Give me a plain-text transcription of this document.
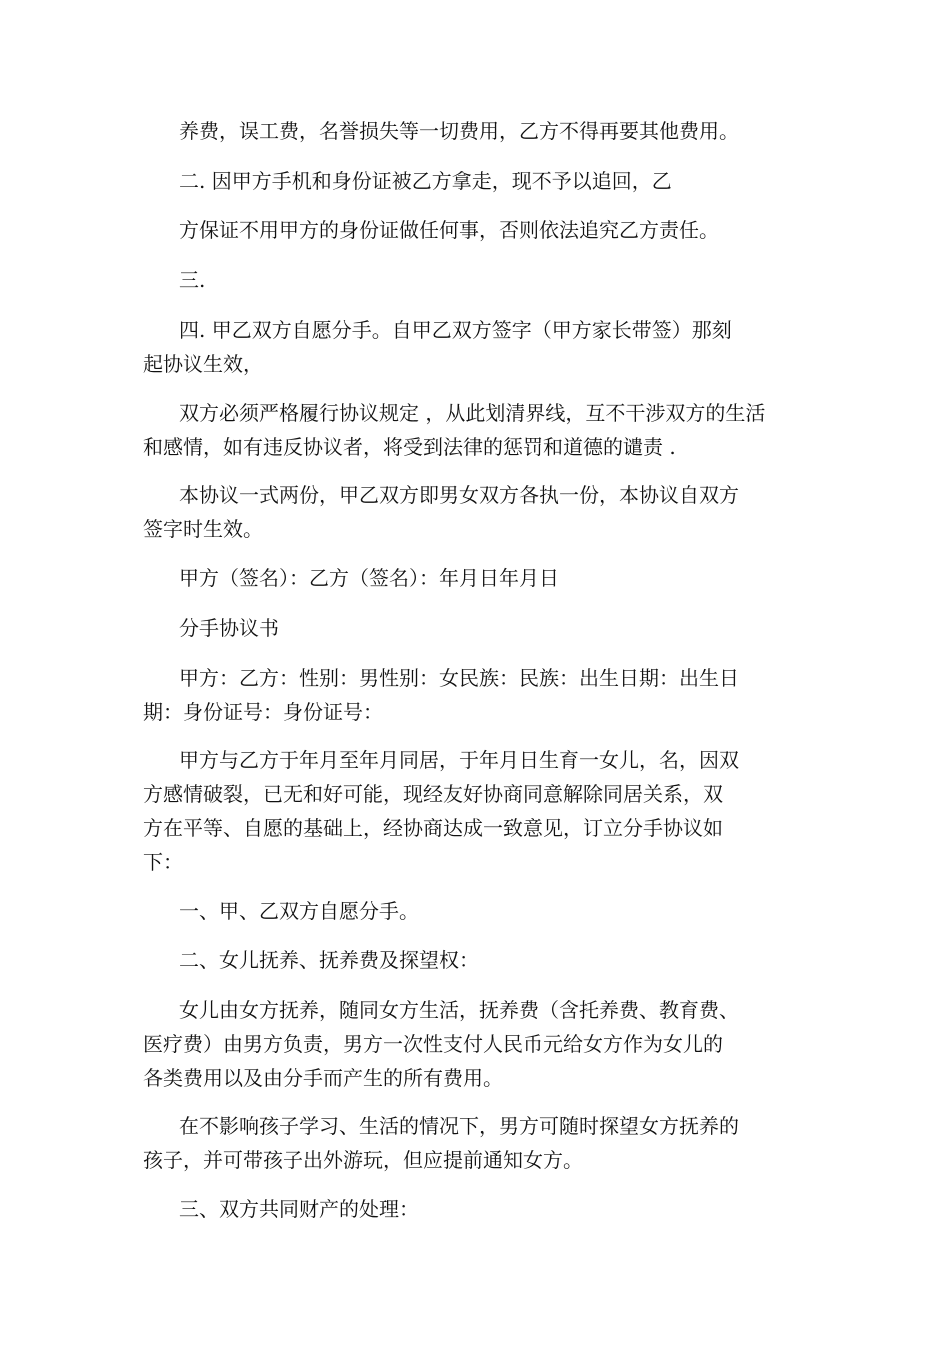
养费，误工费，名誉损失等一切费用，乙方不得再要其他费用。
二. 因甲方手机和身份证被乙方拿走，现不予以追回，乙
方保证不用甲方的身份证做任何事，否则依法追究乙方责任。
三.
四. 甲乙双方自愿分手。自甲乙双方签字（甲方家长带签）那刻
起协议生效，
双方必须严格履行协议规定 ，从此划清界线，互不干涉双方的生活
和感情，如有违反协议者，将受到法律的惩罚和道德的谴责 .
本协议一式两份，甲乙双方即男女双方各执一份，本协议自双方
签字时生效。
甲方（签名）：乙方（签名）：年月日年月日
分手协议书
甲方：乙方：性别：男性别：女民族：民族：出生日期：出生日
期：身份证号：身份证号：
甲方与乙方于年月至年月同居，于年月日生育一女儿，名，因双
方感情破裂，已无和好可能，现经友好协商同意解除同居关系，双
方在平等、自愿的基础上，经协商达成一致意见，订立分手协议如
下：
一、甲、乙双方自愿分手。
二、女儿抚养、抚养费及探望权：
女儿由女方抚养，随同女方生活，抚养费（含托养费、教育费、
医疗费）由男方负责，男方一次性支付人民币元给女方作为女儿的
各类费用以及由分手而产生的所有费用。
在不影响孩子学习、生活的情况下，男方可随时探望女方抚养的
孩子，并可带孩子出外游玩，但应提前通知女方。
三、双方共同财产的处理：
